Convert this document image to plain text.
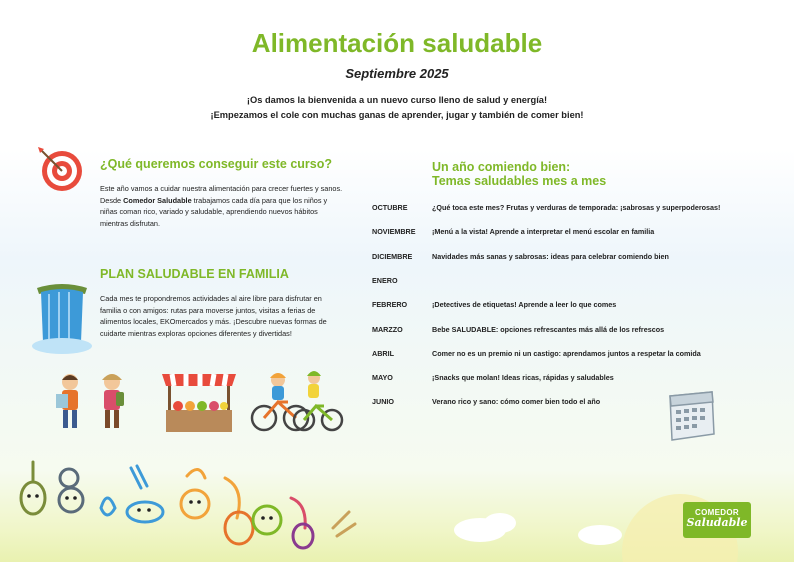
Alimentación saludable
Septiembre 2025
¡Os damos la bienvenida a un nuevo curso lleno de salud y energía!
¡Empezamos el cole con muchas ganas de aprender, jugar y también de comer bien!
¿Qué queremos conseguir este curso?
Este año vamos a cuidar nuestra alimentación para crecer fuertes y sanos.
Desde Comedor Saludable trabajamos cada día para que los niños y niñas coman rico, variado y saludable, aprendiendo nuevos hábitos mientras disfrutan.
PLAN SALUDABLE EN FAMILIA
Cada mes te propondremos actividades al aire libre para disfrutar en familia o con amigos: rutas para moverse juntos, visitas a ferias de alimentos locales, EKOmercados y más. ¡Descubre nuevas formas de cuidarte mientras exploras opciones diferentes y divertidas!
Un año comiendo bien:
Temas saludables mes a mes
OCTUBRE	¿Qué toca este mes? Frutas y verduras de temporada: ¡sabrosas y superpoderosas!
NOVIEMBRE ¡Menú a la vista! Aprende a interpretar el menú escolar en familia
DICIEMBRE	Navidades más sanas y sabrosas: ideas para celebrar comiendo bien
ENERO
FEBRERO	¡Detectives de etiquetas! Aprende a leer lo que comes
MARZZO	Bebe SALUDABLE: opciones refrescantes más allá de los refrescos
ABRIL	Comer no es un premio ni un castigo: aprendamos juntos a respetar la comida
MAYO	¡Snacks que molan! Ideas ricas, rápidas y saludables
JUNIO	Verano rico y sano: cómo comer bien todo el año
COMEDOR
Saludable
